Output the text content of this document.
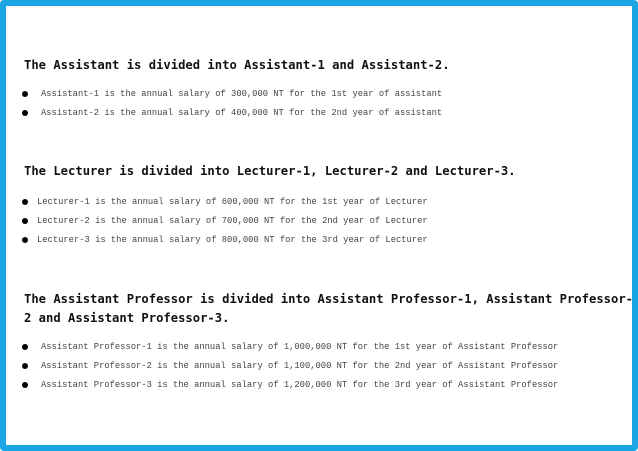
The Assistant is divided into Assistant-1 and Assistant-2.
Assistant-1 is the annual salary of 300,000 NT for the 1st year of assistant
Assistant-2 is the annual salary of 400,000 NT for the 2nd year of assistant
The Lecturer is divided into Lecturer-1, Lecturer-2 and Lecturer-3.
Lecturer-1 is the annual salary of 600,000 NT for the 1st year of Lecturer
Lecturer-2 is the annual salary of 700,000 NT for the 2nd year of Lecturer
Lecturer-3 is the annual salary of 800,000 NT for the 3rd year of Lecturer
The Assistant Professor is divided into Assistant Professor-1, Assistant Professor-2 and Assistant Professor-3.
Assistant Professor-1 is the annual salary of 1,000,000 NT for the 1st year of Assistant Professor
Assistant Professor-2 is the annual salary of 1,100,000 NT for the 2nd year of Assistant Professor
Assistant Professor-3 is the annual salary of 1,200,000 NT for the 3rd year of Assistant Professor
